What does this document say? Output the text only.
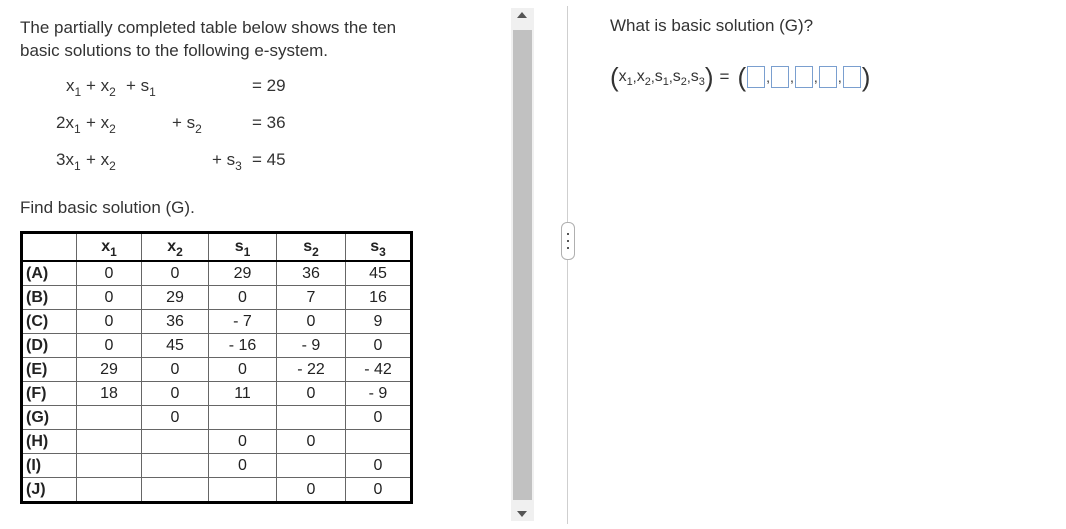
The partially completed table below shows the ten
basic solutions to the following e-system.

$x_1 + x_2 + s_1$	= 29
$2x_1 + x_2$	+ $s_2$	= 36
$3x_1 + x_2$	+ $s_3 = 45$
Find basic solution (G).
	$x_1$	$x_2$	$s_1$	$s_2$	$s_3$
(A)	0	0	29	36	45
(B)	0	29	0	7	16
(C)	0	36	- 7	0	9
(D)	0	45	- 16	- 9	0
(E)	29	0	0	- 22	- 42
(F)	18	0	11	0	- 9
(G)		0			0
(H)			0	0	
(I)			0		0
(J)				0	0
What is basic solution (G)?
( $x_1$ , $x_2$ , $s_1$ , $s_2$ , $s_3$ ) = ( , , , , )
